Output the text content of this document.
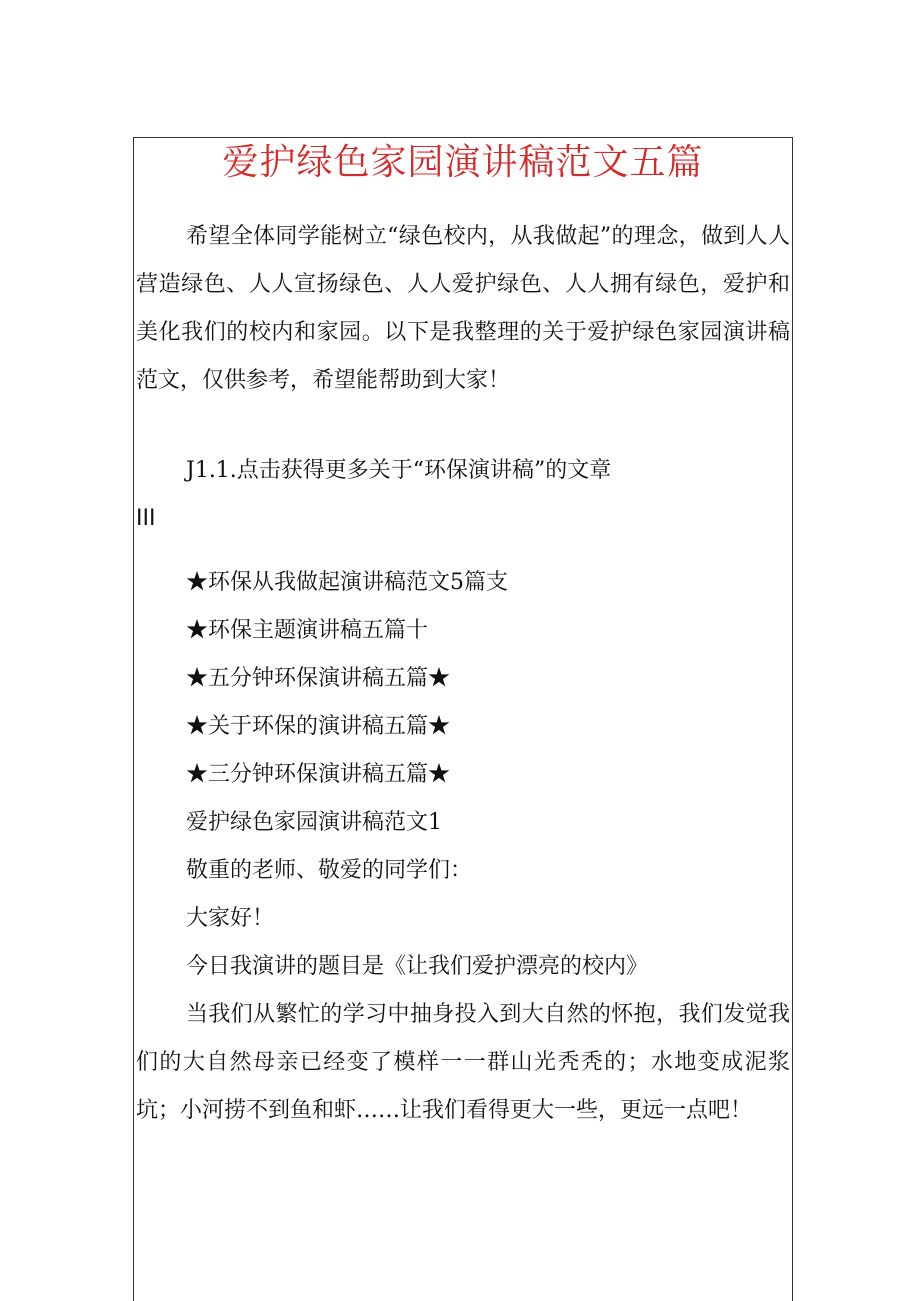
爱护绿色家园演讲稿范文五篇

希望全体同学能树立“绿色校内，从我做起”的理念，做到人人营造绿色、人人宣扬绿色、人人爱护绿色、人人拥有绿色，爱护和美化我们的校内和家园。以下是我整理的关于爱护绿色家园演讲稿范文，仅供参考，希望能帮助到大家！

J1.1.点击获得更多关于“环保演讲稿”的文章

III

★环保从我做起演讲稿范文5篇支

★环保主题演讲稿五篇十

★五分钟环保演讲稿五篇★

★关于环保的演讲稿五篇★

★三分钟环保演讲稿五篇★

爱护绿色家园演讲稿范文1

敬重的老师、敬爱的同学们：

大家好！

今日我演讲的题目是《让我们爱护漂亮的校内》

当我们从繁忙的学习中抽身投入到大自然的怀抱，我们发觉我们的大自然母亲已经变了模样一一群山光秃秃的；水地变成泥浆坑；小河捞不到鱼和虾……让我们看得更大一些，更远一点吧！
